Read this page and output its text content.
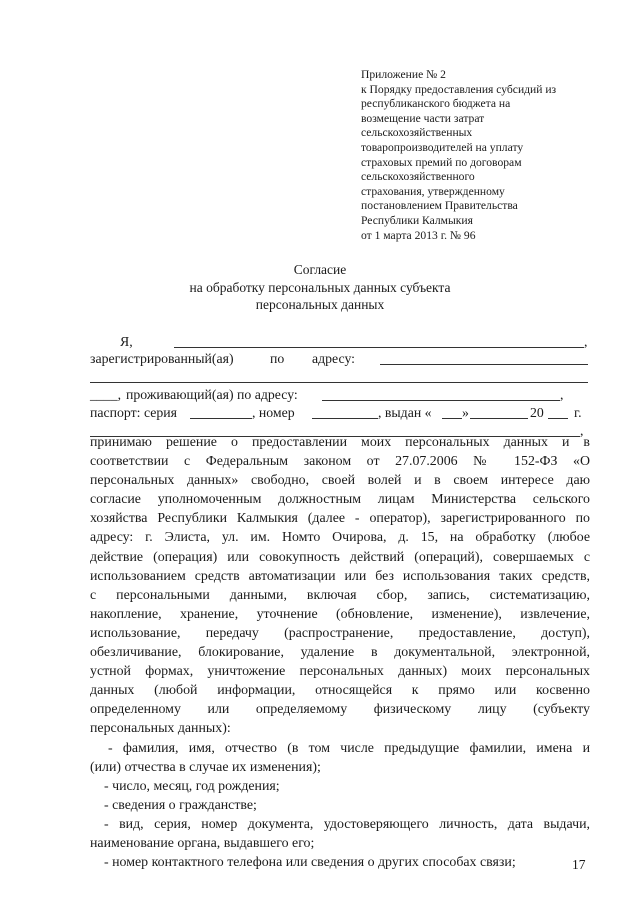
Приложение № 2
к Порядку предоставления субсидий из
республиканского бюджета на
возмещение части затрат
сельскохозяйственных
товаропроизводителей на уплату
страховых премий по договорам
сельскохозяйственного
страхования, утвержденному
постановлением Правительства
Республики Калмыкия
от 1 марта 2013 г. № 96
Согласие
на обработку персональных данных субъекта
персональных данных
Я,	,
зарегистрированный(ая)	по адресу:
____, проживающий(ая) по адресу:	,
паспорт: серия	, номер	, выдан « »	20 г.
,

принимаю решение о предоставлении моих персональных данных и в

соответствии с Федеральным законом от 27.07.2006 № 152-ФЗ «О

персональных данных» свободно, своей волей и в своем интересе даю

согласие уполномоченным должностным лицам Министерства сельского

хозяйства Республики Калмыкия (далее - оператор), зарегистрированного по

адресу: г. Элиста, ул. им. Номто Очирова, д. 15, на обработку (любое

действие (операция) или совокупность действий (операций), совершаемых с

использованием средств автоматизации или без использования таких средств,

с персональными данными, включая сбор, запись, систематизацию,

накопление, хранение, уточнение (обновление, изменение), извлечение,

использование, передачу (распространение, предоставление, доступ),

обезличивание, блокирование, удаление в документальной, электронной,

устной формах, уничтожение персональных данных) моих персональных

данных (любой информации, относящейся к прямо или косвенно

определенному или определяемому физическому лицу (субъекту

персональных данных):

- фамилия, имя, отчество (в том числе предыдущие фамилии, имена и

(или) отчества в случае их изменения);

- число, месяц, год рождения;

- сведения о гражданстве;

- вид, серия, номер документа, удостоверяющего личность, дата выдачи,

наименование органа, выдавшего его;

- номер контактного телефона или сведения о других способах связи;	17
